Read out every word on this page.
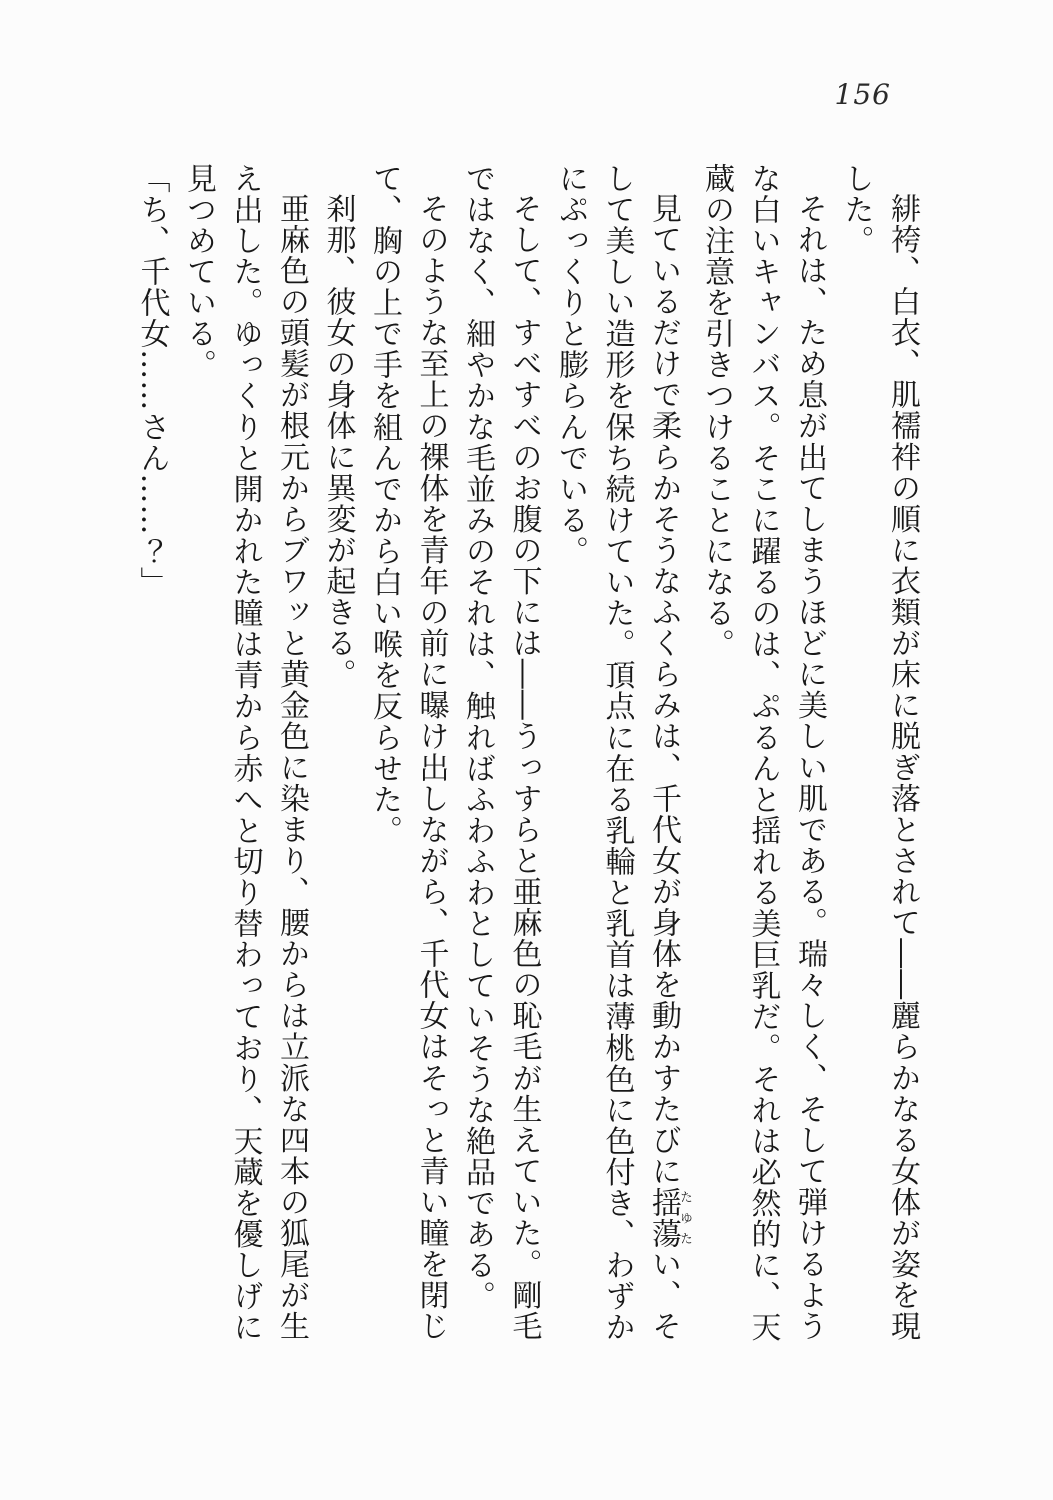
156

緋袴、白衣、肌襦袢の順に衣類が床に脱ぎ落とされて――麗らかなる女体が姿を現した。

それは、ため息が出てしまうほどに美しい肌である。瑞々しく、そして弾けるような白いキャンバス。そこに躍るのは、ぷるんと揺れる美巨乳だ。それは必然的に、天蔵の注意を引きつけることになる。

見ているだけで柔らかそうなふくらみは、千代女が身体を動かすたびに揺蕩たゆたい、そして美しい造形を保ち続けていた。頂点に在る乳輪と乳首は薄桃色に色付き、わずかにぷっくりと膨らんでいる。

そして、すべすべのお腹の下には――うっすらと亜麻色の恥毛が生えていた。剛毛ではなく、細やかな毛並みのそれは、触ればふわふわとしていそうな絶品である。

そのような至上の裸体を青年の前に曝け出しながら、千代女はそっと青い瞳を閉じて、胸の上で手を組んでから白い喉を反らせた。

刹那、彼女の身体に異変が起きる。

亜麻色の頭髪が根元からブワッと黄金色に染まり、腰からは立派な四本の狐尾が生え出した。ゆっくりと開かれた瞳は青から赤へと切り替わっており、天蔵を優しげに見つめている。

「ち、千代女……さん……？」
